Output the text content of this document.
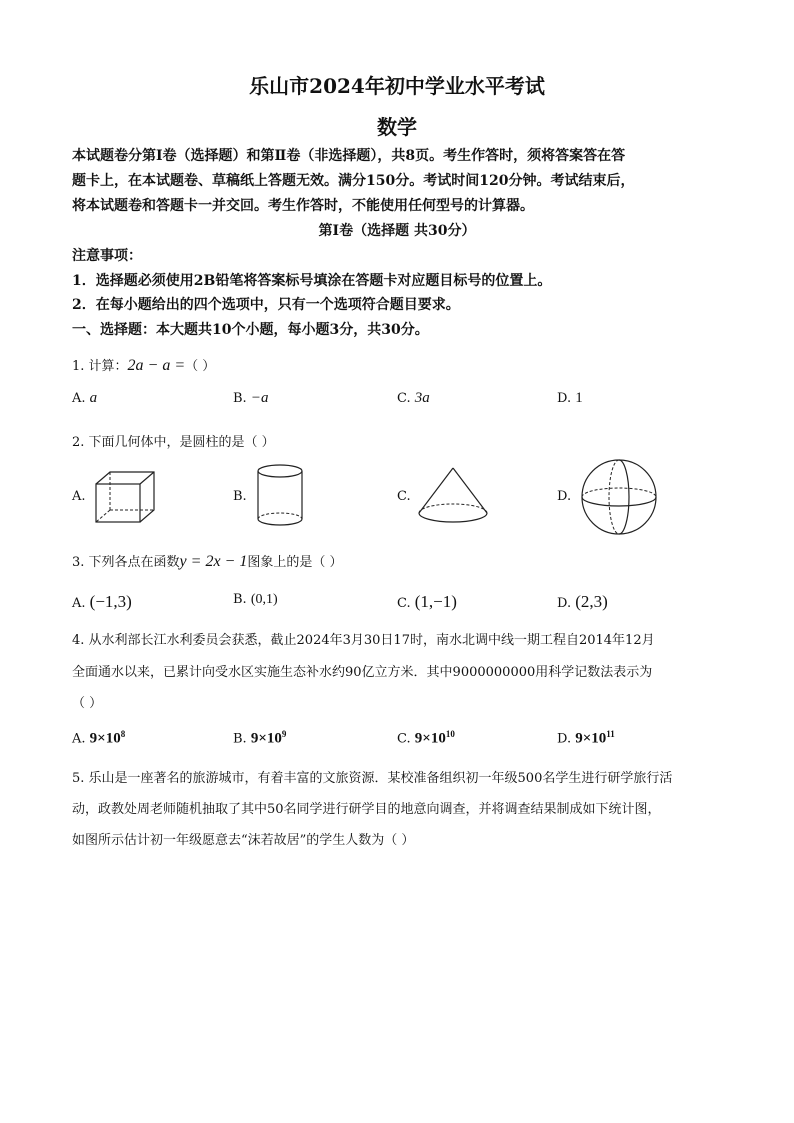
乐山市2024年初中学业水平考试
数学
本试题卷分第Ⅰ卷（选择题）和第Ⅱ卷（非选择题），共8页。考生作答时，须将答案答在答
题卡上，在本试题卷、草稿纸上答题无效。满分150分。考试时间120分钟。考试结束后，
将本试题卷和答题卡一并交回。考生作答时，不能使用任何型号的计算器。
第Ⅰ卷（选择题 共30分）
注意事项：
1．选择题必须使用2B铅笔将答案标号填涂在答题卡对应题目标号的位置上。
2．在每小题给出的四个选项中，只有一个选项符合题目要求。
一、选择题：本大题共10个小题，每小题3分，共30分。
1. 计算：2a − a =（ ）
A. a	B. −a	C. 3a	D. 1
2. 下面几何体中，是圆柱的是（ ）
A.	B.	C.	D.
3. 下列各点在函数y = 2x − 1图象上的是（ ）
A. (−1,3)	B. (0,1)	C. (1,−1)	D. (2,3)
4. 从水利部长江水利委员会获悉，截止2024年3月30日17时，南水北调中线一期工程自2014年12月
全面通水以来，已累计向受水区实施生态补水约90亿立方米．其中9000000000用科学记数法表示为
（ ）
A. $9\times 10^8$	B. $9\times 10^9$	C. $9\times 10^{10}$	D. $9\times 10^{11}$
5. 乐山是一座著名的旅游城市，有着丰富的文旅资源．某校准备组织初一年级500名学生进行研学旅行活
动，政教处周老师随机抽取了其中50名同学进行研学目的地意向调查，并将调查结果制成如下统计图，
如图所示估计初一年级愿意去“沫若故居”的学生人数为（ ）
